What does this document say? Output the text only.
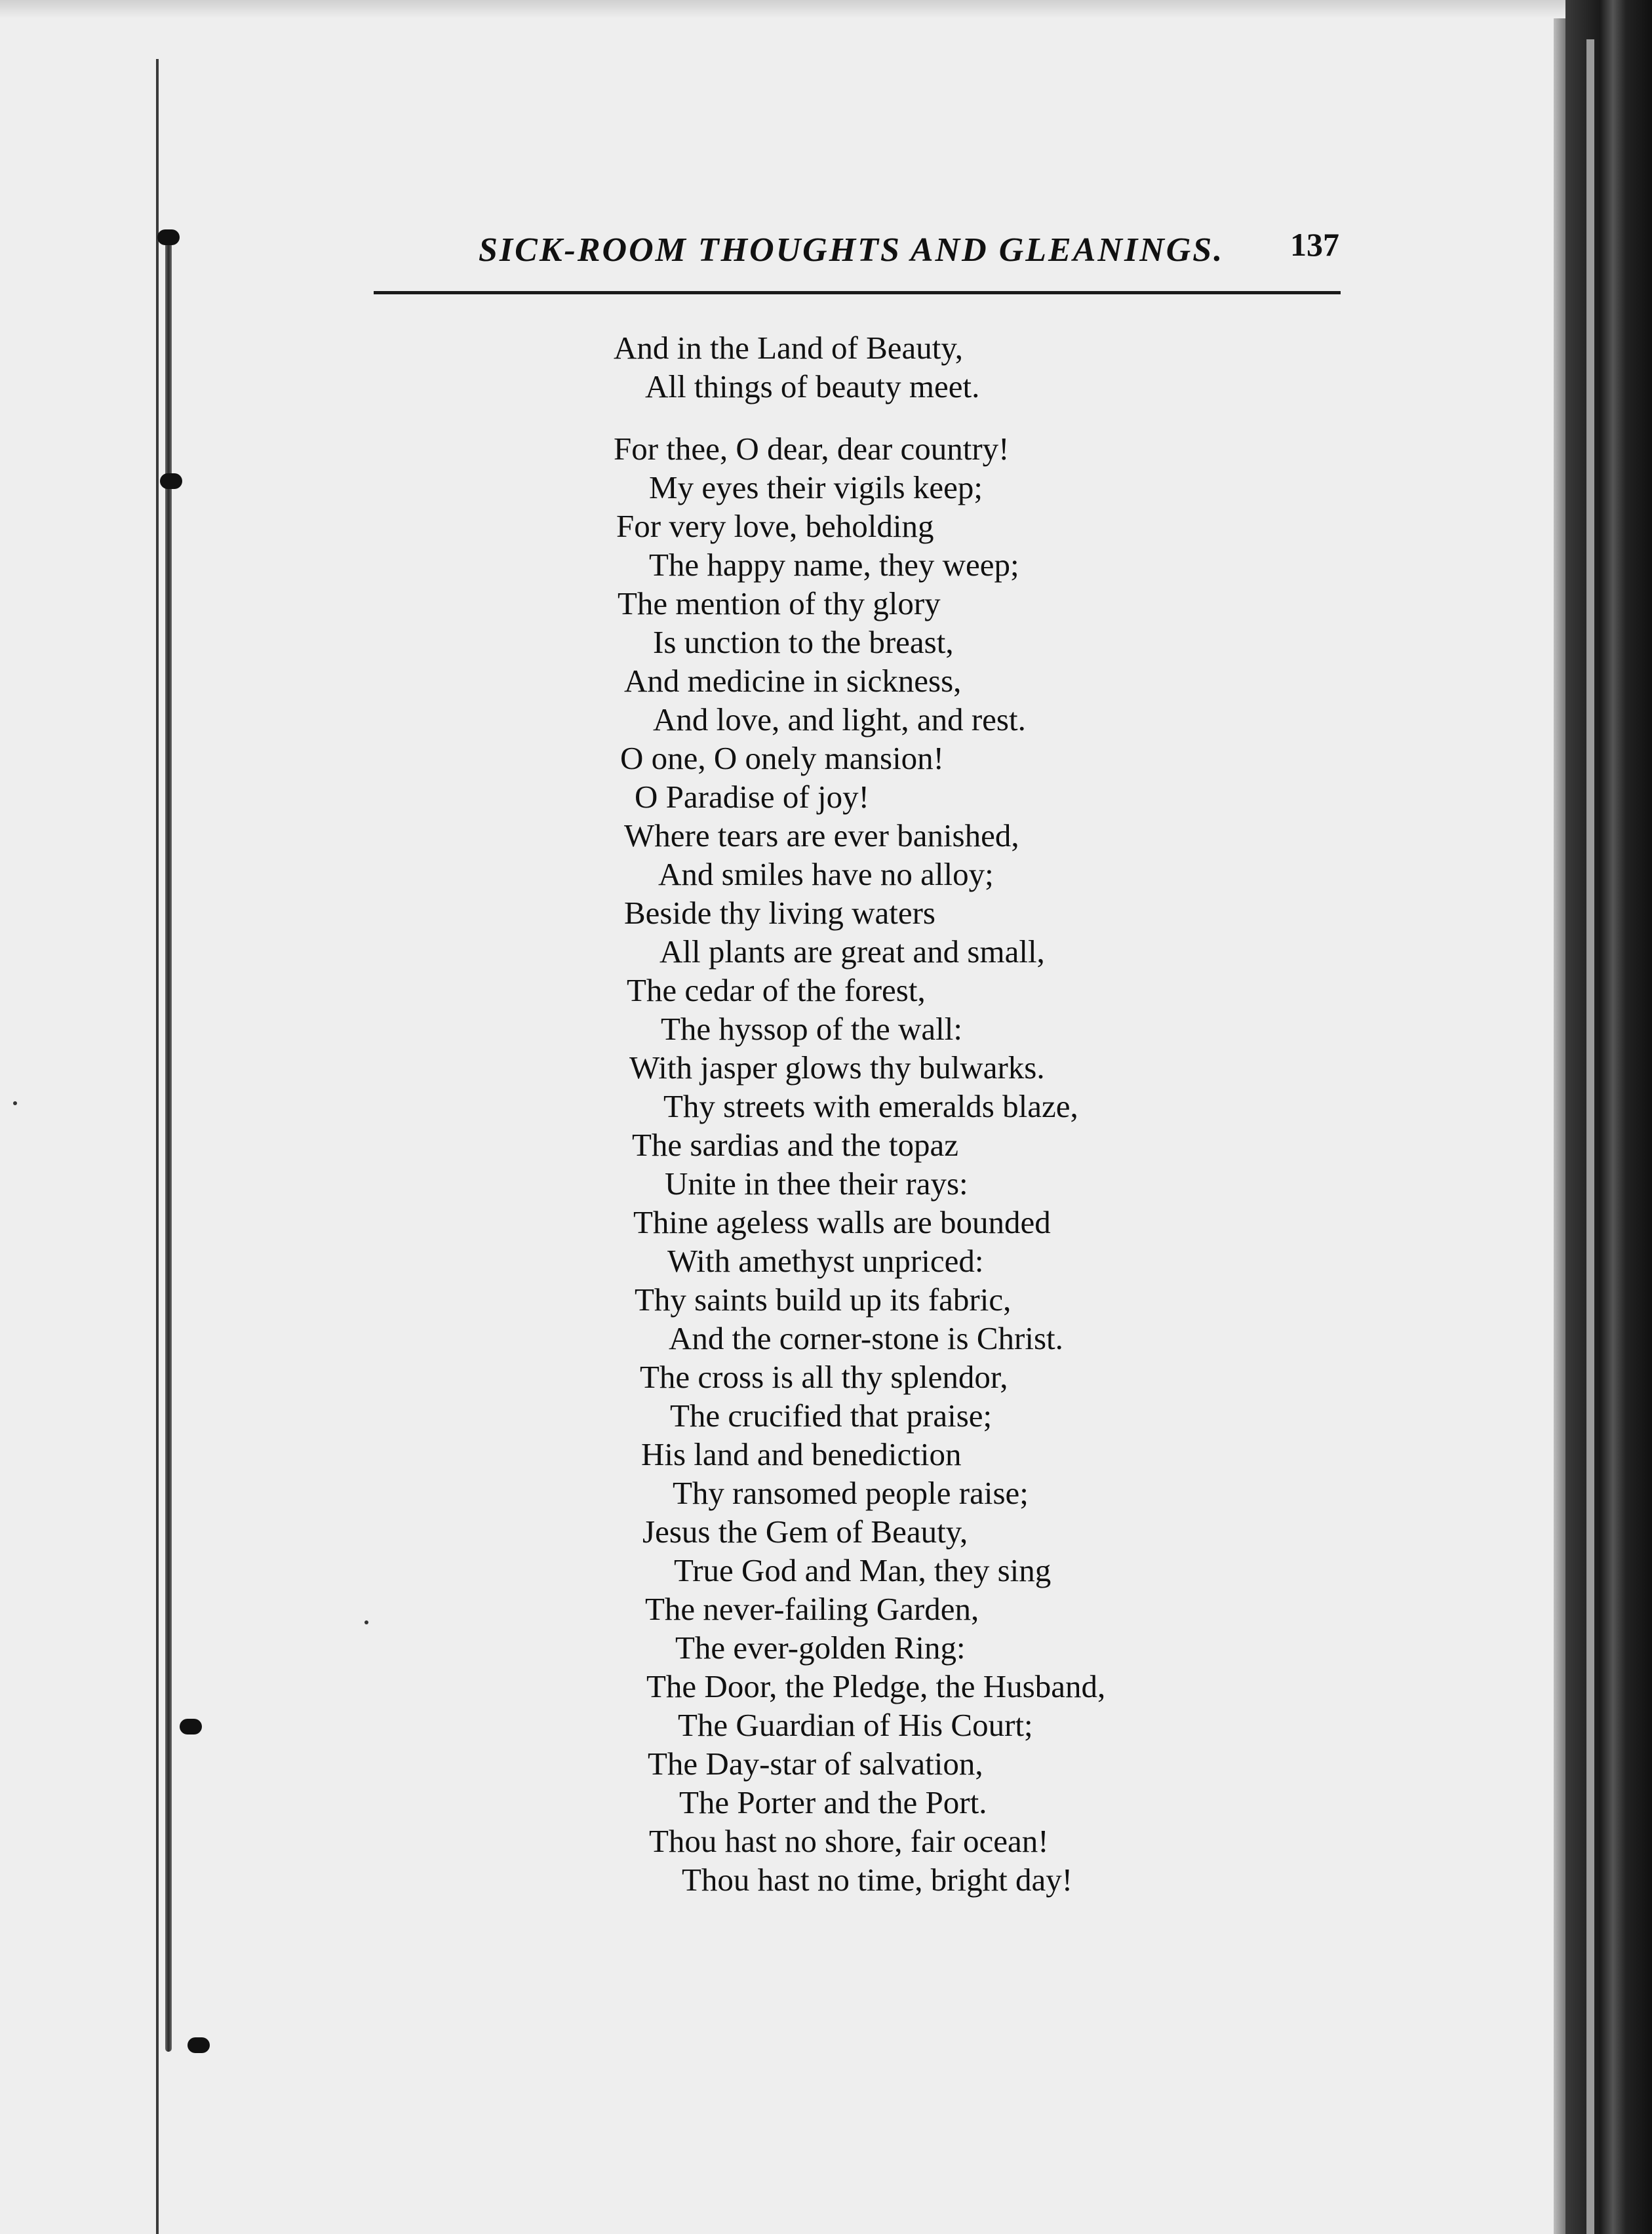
SICK-ROOM THOUGHTS AND GLEANINGS. 137
And in the Land of Beauty,
All things of beauty meet.
For thee, O dear, dear country!
My eyes their vigils keep;
For very love, beholding
The happy name, they weep;
The mention of thy glory
Is unction to the breast,
And medicine in sickness,
And love, and light, and rest.
O one, O onely mansion!
O Paradise of joy!
Where tears are ever banished,
And smiles have no alloy;
Beside thy living waters
All plants are great and small,
The cedar of the forest,
The hyssop of the wall:
With jasper glows thy bulwarks.
Thy streets with emeralds blaze,
The sardias and the topaz
Unite in thee their rays:
Thine ageless walls are bounded
With amethyst unpriced:
Thy saints build up its fabric,
And the corner-stone is Christ.
The cross is all thy splendor,
The crucified that praise;
His land and benediction
Thy ransomed people raise;
Jesus the Gem of Beauty,
True God and Man, they sing
The never-failing Garden,
The ever-golden Ring:
The Door, the Pledge, the Husband,
The Guardian of His Court;
The Day-star of salvation,
The Porter and the Port.
Thou hast no shore, fair ocean!
Thou hast no time, bright day!
